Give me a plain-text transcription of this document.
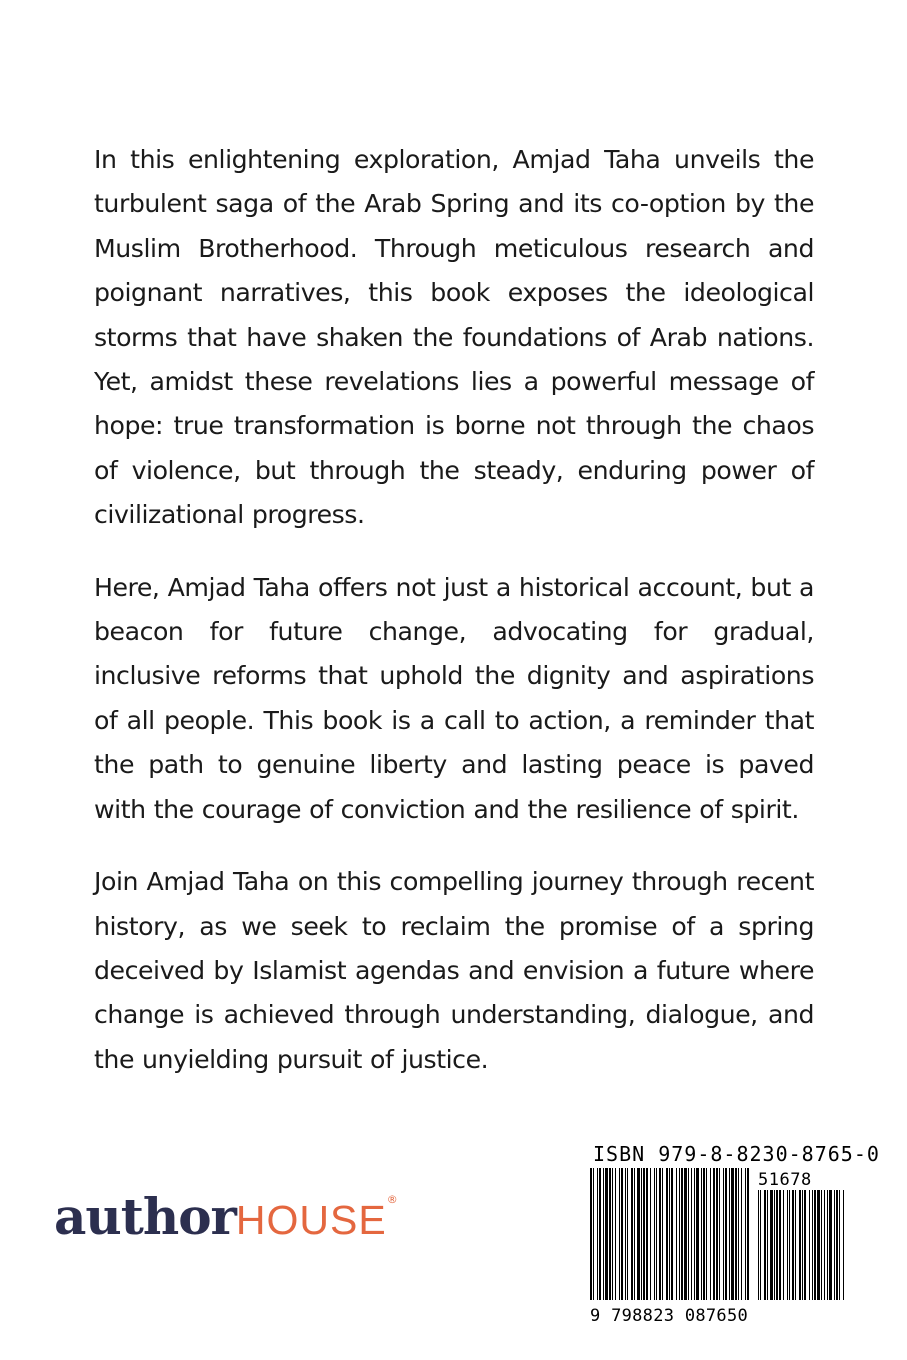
In this enlightening exploration, Amjad Taha unveils the turbulent saga of the Arab Spring and its co-option by the Muslim Brotherhood. Through meticulous research and poignant narratives, this book exposes the ideological storms that have shaken the foundations of Arab nations. Yet, amidst these revelations lies a powerful message of hope: true transformation is borne not through the chaos of violence, but through the steady, enduring power of civilizational progress.

Here, Amjad Taha offers not just a historical account, but a beacon for future change, advocating for gradual, inclusive reforms that uphold the dignity and aspirations of all people. This book is a call to action, a reminder that the path to genuine liberty and lasting peace is paved with the courage of conviction and the resilience of spirit.

Join Amjad Taha on this compelling journey through recent history, as we seek to reclaim the promise of a spring deceived by Islamist agendas and envision a future where change is achieved through understanding, dialogue, and the unyielding pursuit of justice.

authorHOUSE®
ISBN 979-8-8230-8765-0
51678
9 798823 087650
